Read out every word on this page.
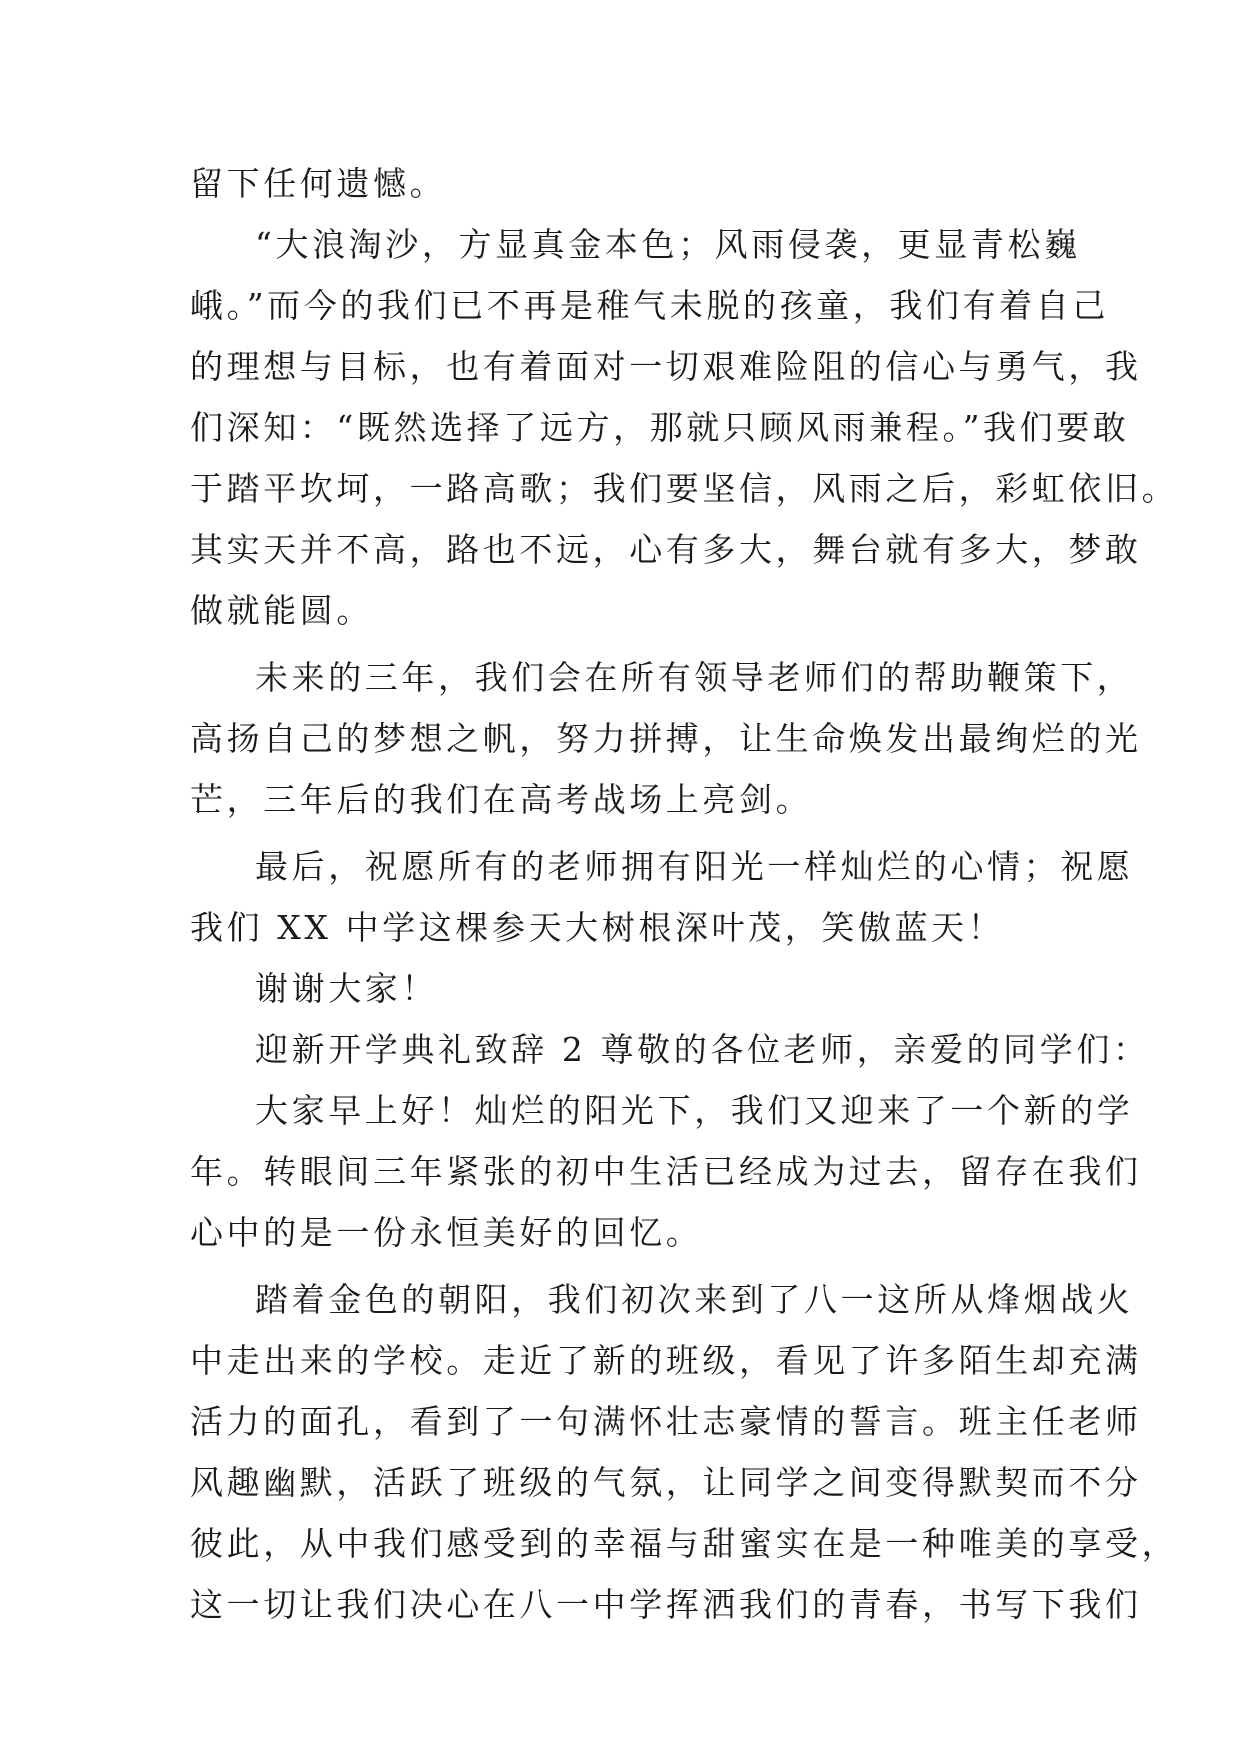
留下任何遗憾。
“大浪淘沙，方显真金本色；风雨侵袭，更显青松巍
峨。”而今的我们已不再是稚气未脱的孩童，我们有着自己
的理想与目标，也有着面对一切艰难险阻的信心与勇气，我
们深知：“既然选择了远方，那就只顾风雨兼程。”我们要敢
于踏平坎坷，一路高歌；我们要坚信，风雨之后，彩虹依旧。
其实天并不高，路也不远，心有多大，舞台就有多大，梦敢
做就能圆。
未来的三年，我们会在所有领导老师们的帮助鞭策下，
高扬自己的梦想之帆，努力拼搏，让生命焕发出最绚烂的光
芒，三年后的我们在高考战场上亮剑。
最后，祝愿所有的老师拥有阳光一样灿烂的心情；祝愿
我们 XX 中学这棵参天大树根深叶茂，笑傲蓝天！
谢谢大家！
迎新开学典礼致辞 2 尊敬的各位老师，亲爱的同学们：
大家早上好！灿烂的阳光下，我们又迎来了一个新的学
年。转眼间三年紧张的初中生活已经成为过去，留存在我们
心中的是一份永恒美好的回忆。
踏着金色的朝阳，我们初次来到了八一这所从烽烟战火
中走出来的学校。走近了新的班级，看见了许多陌生却充满
活力的面孔，看到了一句满怀壮志豪情的誓言。班主任老师
风趣幽默，活跃了班级的气氛，让同学之间变得默契而不分
彼此，从中我们感受到的幸福与甜蜜实在是一种唯美的享受，
这一切让我们决心在八一中学挥洒我们的青春，书写下我们
